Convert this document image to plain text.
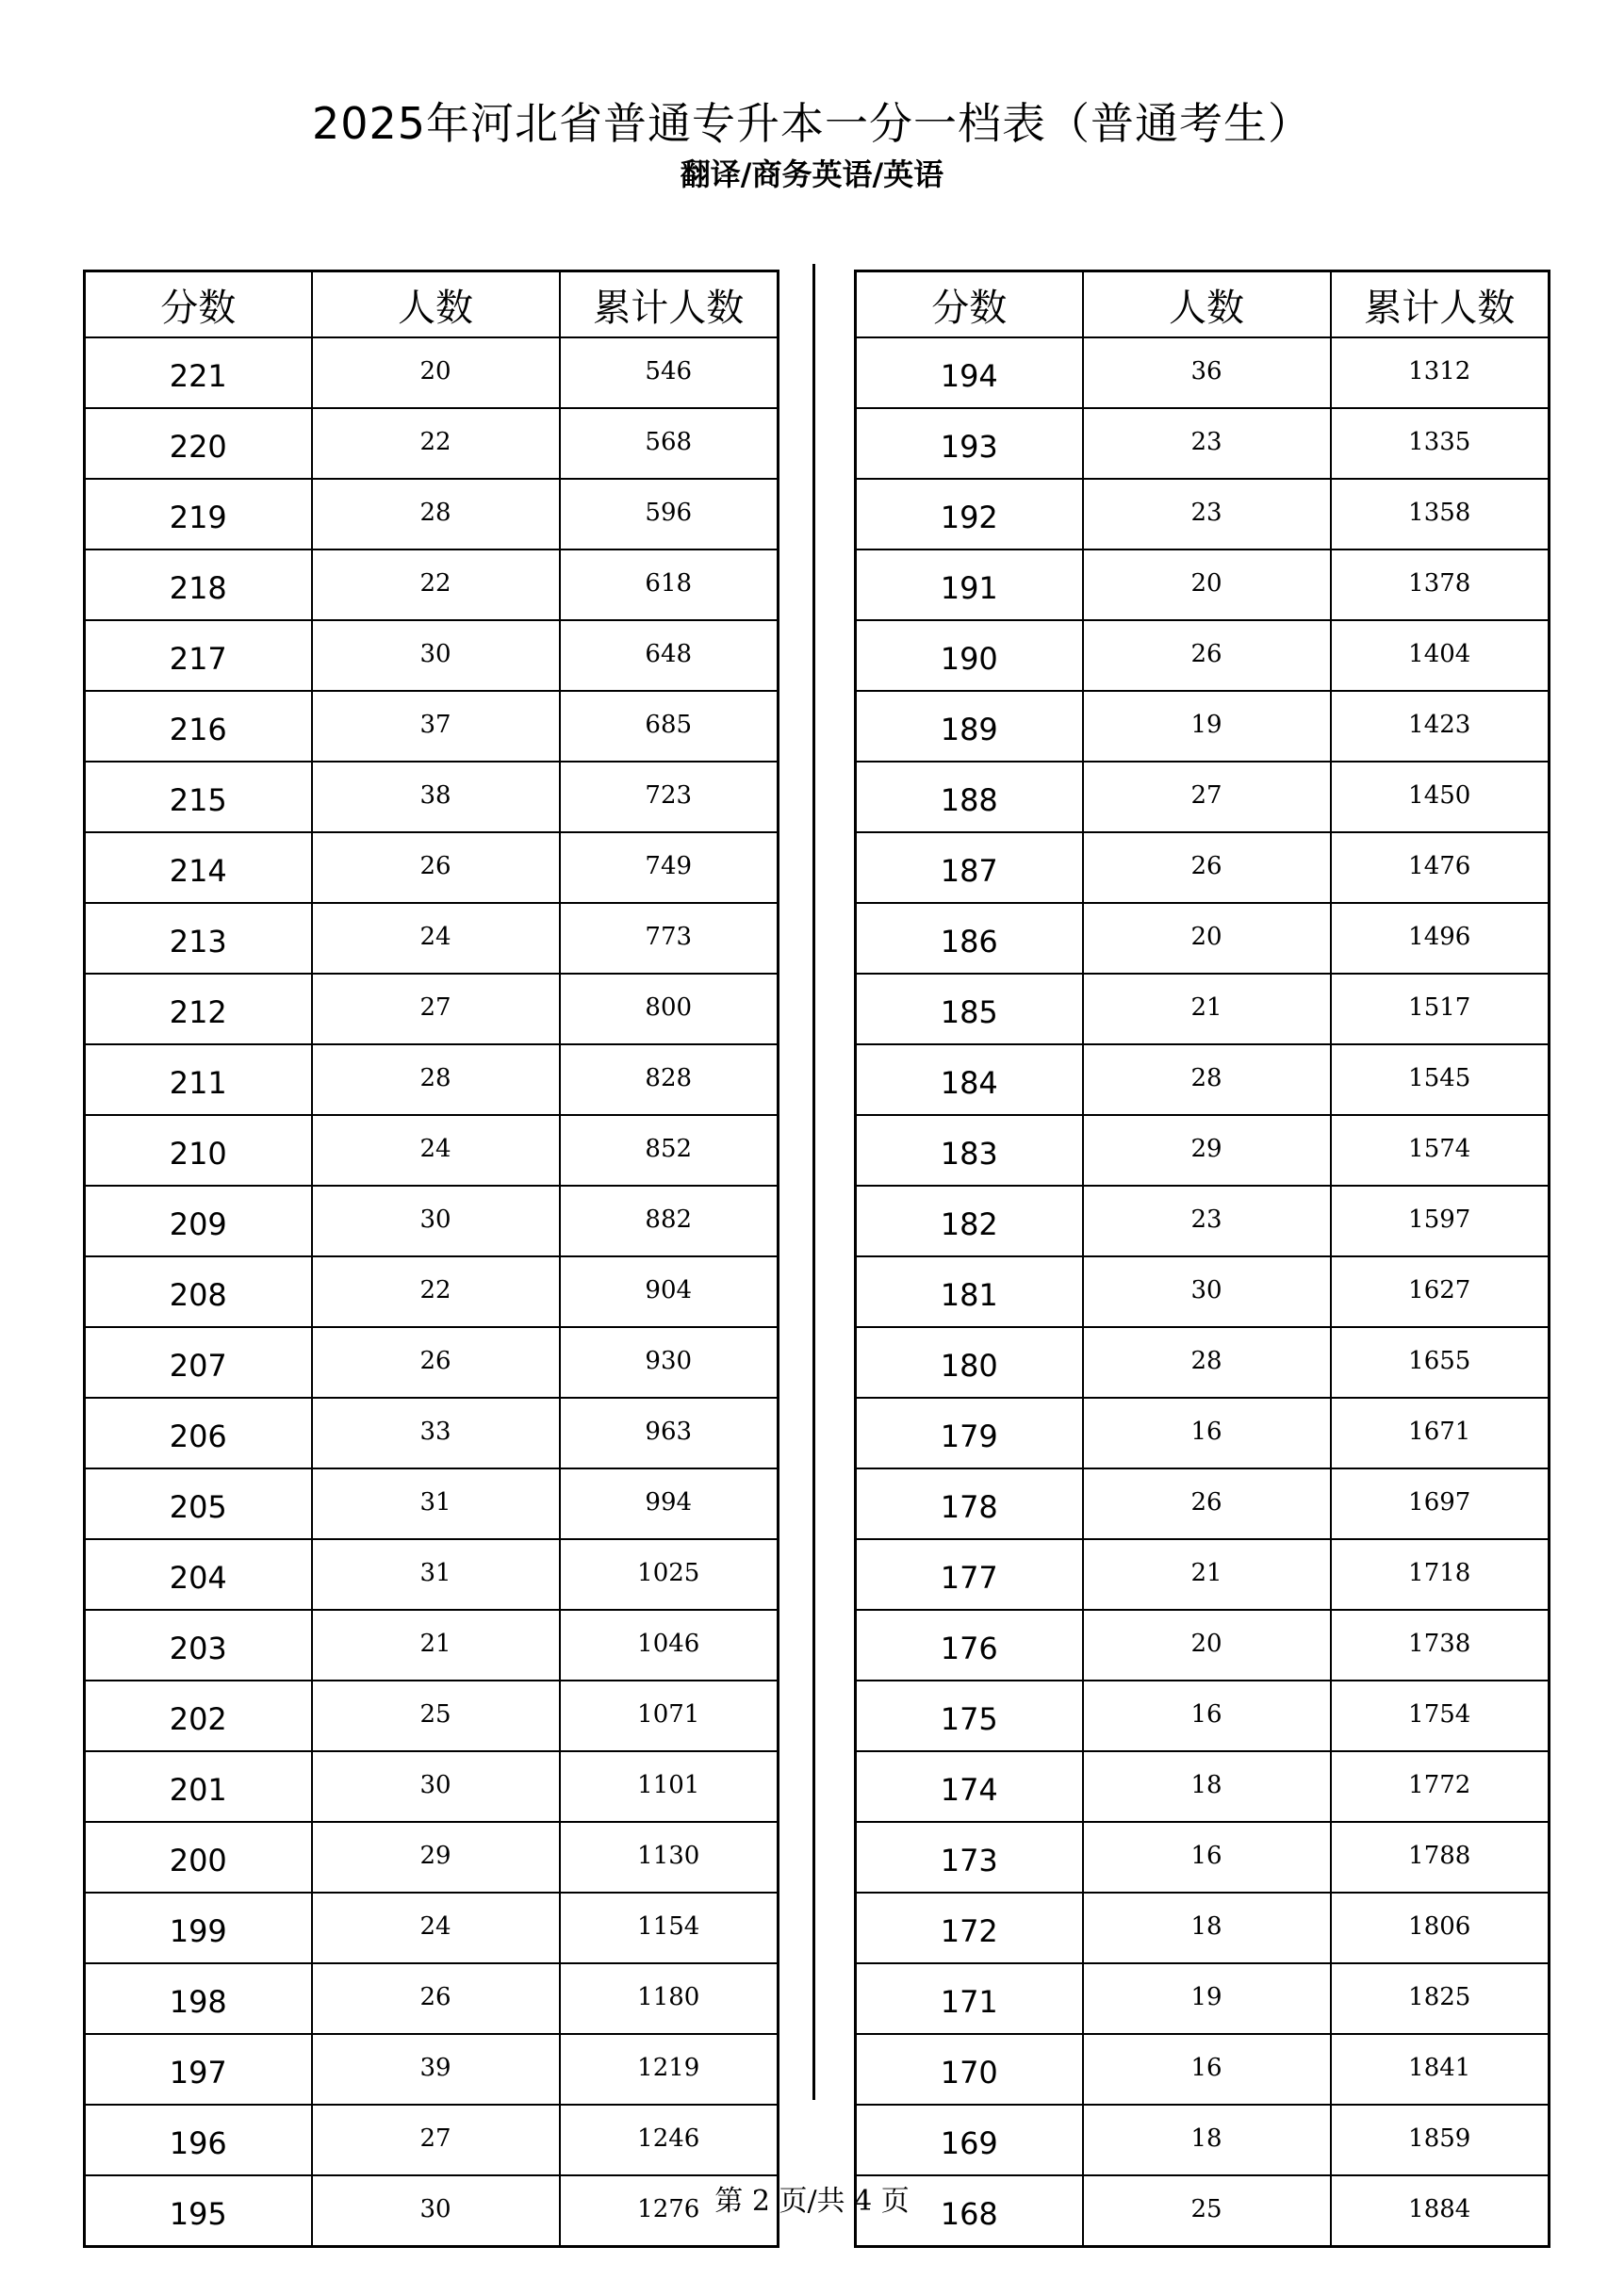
2025年河北省普通专升本一分一档表（普通考生）
翻译/商务英语/英语
分数	人数	累计人数
221	20	546
220	22	568
219	28	596
218	22	618
217	30	648
216	37	685
215	38	723
214	26	749
213	24	773
212	27	800
211	28	828
210	24	852
209	30	882
208	22	904
207	26	930
206	33	963
205	31	994
204	31	1025
203	21	1046
202	25	1071
201	30	1101
200	29	1130
199	24	1154
198	26	1180
197	39	1219
196	27	1246
195	30	1276
分数	人数	累计人数
194	36	1312
193	23	1335
192	23	1358
191	20	1378
190	26	1404
189	19	1423
188	27	1450
187	26	1476
186	20	1496
185	21	1517
184	28	1545
183	29	1574
182	23	1597
181	30	1627
180	28	1655
179	16	1671
178	26	1697
177	21	1718
176	20	1738
175	16	1754
174	18	1772
173	16	1788
172	18	1806
171	19	1825
170	16	1841
169	18	1859
168	25	1884
第 2 页/共 4 页
